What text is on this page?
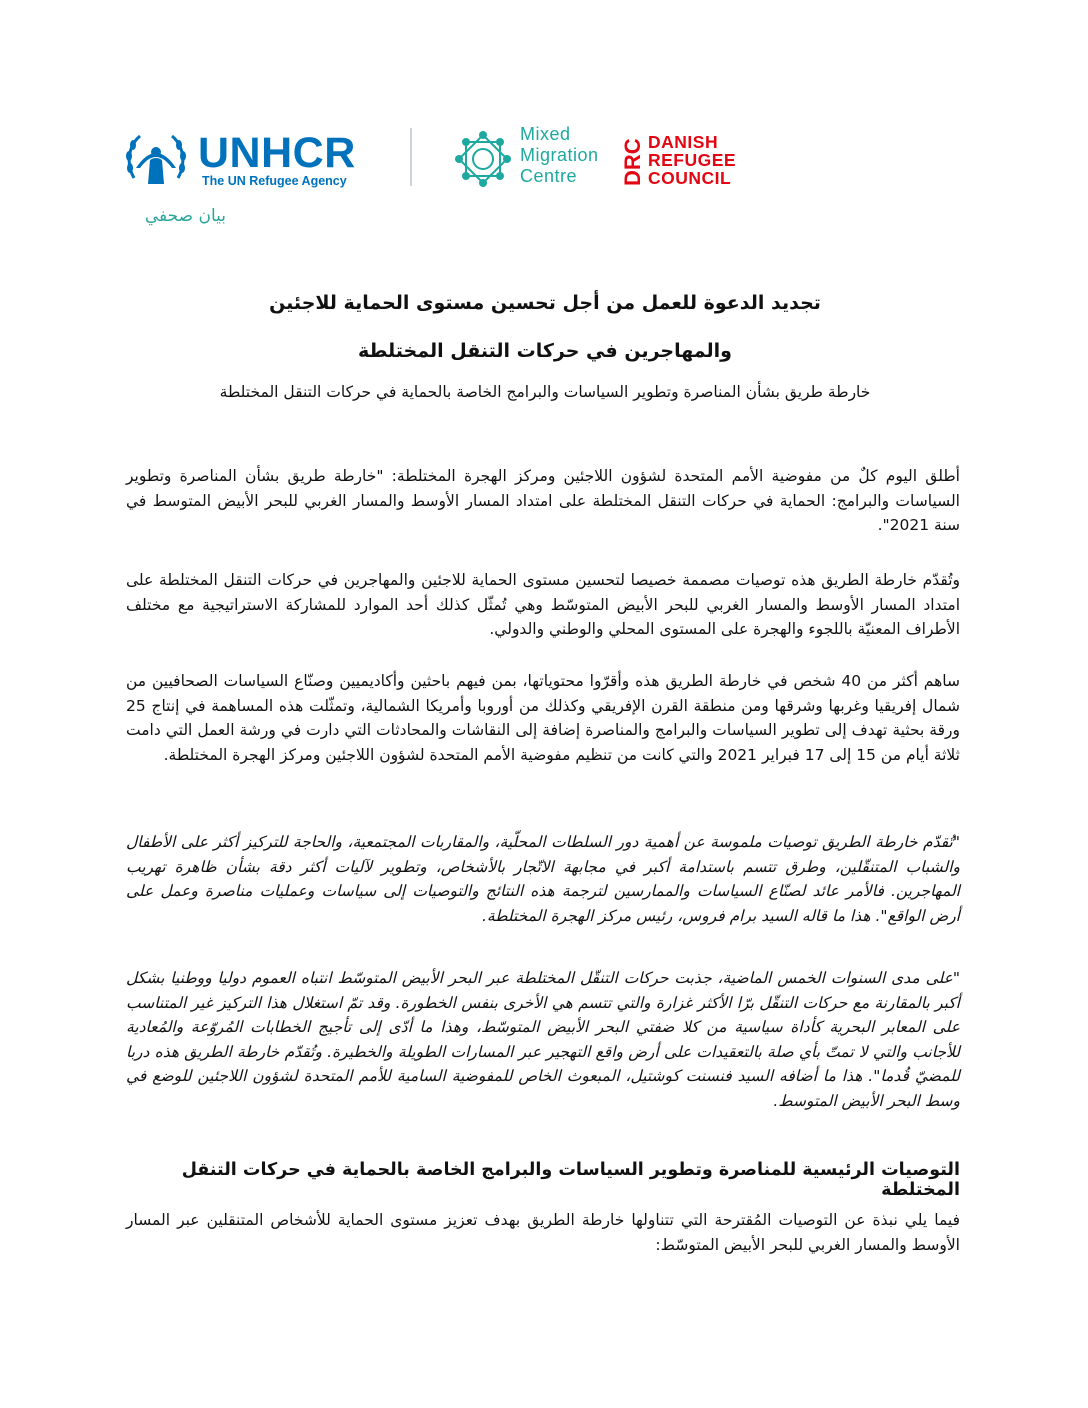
UNHCR
The UN Refugee Agency
Mixed
Migration
Centre	DRC DANISH
REFUGEE
COUNCIL
بيان صحفي
تجديد الدعوة للعمل من أجل تحسين مستوى الحماية للاجئين
والمهاجرين في حركات التنقل المختلطة
خارطة طريق بشأن المناصرة وتطوير السياسات والبرامج الخاصة بالحماية في حركات التنقل المختلطة
أطلق اليوم كلٌ من مفوضية الأمم المتحدة لشؤون اللاجئين ومركز الهجرة المختلطة: "خارطة طريق بشأن المناصرة وتطوير السياسات والبرامج: الحماية في حركات التنقل المختلطة على امتداد المسار الأوسط والمسار الغربي للبحر الأبيض المتوسط في سنة 2021".
وتُقدّم خارطة الطريق هذه توصيات مصممة خصيصا لتحسين مستوى الحماية للاجئين والمهاجرين في حركات التنقل المختلطة على امتداد المسار الأوسط والمسار الغربي للبحر الأبيض المتوسّط وهي تُمثّل كذلك أحد الموارد للمشاركة الاستراتيجية مع مختلف الأطراف المعنيّة باللجوء والهجرة على المستوى المحلي والوطني والدولي.
ساهم أكثر من 40 شخص في خارطة الطريق هذه وأقرّوا محتوياتها، بمن فيهم باحثين وأكاديميين وصنّاع السياسات الصحافيين من شمال إفريقيا وغربها وشرقها ومن منطقة القرن الإفريقي وكذلك من أوروبا وأمريكا الشمالية، وتمثّلت هذه المساهمة في إنتاج 25 ورقة بحثية تهدف إلى تطوير السياسات والبرامج والمناصرة إضافة إلى النقاشات والمحادثات التي دارت في ورشة العمل التي دامت ثلاثة أيام من 15 إلى 17 فبراير 2021 والتي كانت من تنظيم مفوضية الأمم المتحدة لشؤون اللاجئين ومركز الهجرة المختلطة.
"تُقدّم خارطة الطريق توصيات ملموسة عن أهمية دور السلطات المحلّية، والمقاربات المجتمعية، والحاجة للتركيز أكثر على الأطفال والشباب المتنقّلين، وطرق تتسم باستدامة أكبر في مجابهة الاتّجار بالأشخاص، وتطوير لآليات أكثر دقة بشأن ظاهرة تهريب المهاجرين. فالأمر عائد لصنّاع السياسات والممارسين لترجمة هذه النتائج والتوصيات إلى سياسات وعمليات مناصرة وعمل على أرض الواقع". هذا ما قاله السيد برام فروس، رئيس مركز الهجرة المختلطة.
"على مدى السنوات الخمس الماضية، جذبت حركات التنقّل المختلطة عبر البحر الأبيض المتوسّط انتباه العموم دوليا ووطنيا بشكل أكبر بالمقارنة مع حركات التنقّل برّا الأكثر غزارة والتي تتسم هي الأخرى بنفس الخطورة. وقد تمّ استغلال هذا التركيز غير المتناسب على المعابر البحرية كأداة سياسية من كلا ضفتي البحر الأبيض المتوسّط، وهذا ما أدّى إلى تأجيج الخطابات المُروّعة والمُعادية للأجانب والتي لا تمتّ بأي صلة بالتعقيدات على أرض واقع التهجير عبر المسارات الطويلة والخطيرة. وتُقدّم خارطة الطريق هذه دربا للمضيّ قُدما". هذا ما أضافه السيد فنسنت كوشتيل، المبعوث الخاص للمفوضية السامية للأمم المتحدة لشؤون اللاجئين للوضع في وسط البحر الأبيض المتوسط.
التوصيات الرئيسية للمناصرة وتطوير السياسات والبرامج الخاصة بالحماية في حركات التنقل المختلطة
فيما يلي نبذة عن التوصيات المُقترحة التي تتناولها خارطة الطريق بهدف تعزيز مستوى الحماية للأشخاص المتنقلين عبر المسار الأوسط والمسار الغربي للبحر الأبيض المتوسّط:
